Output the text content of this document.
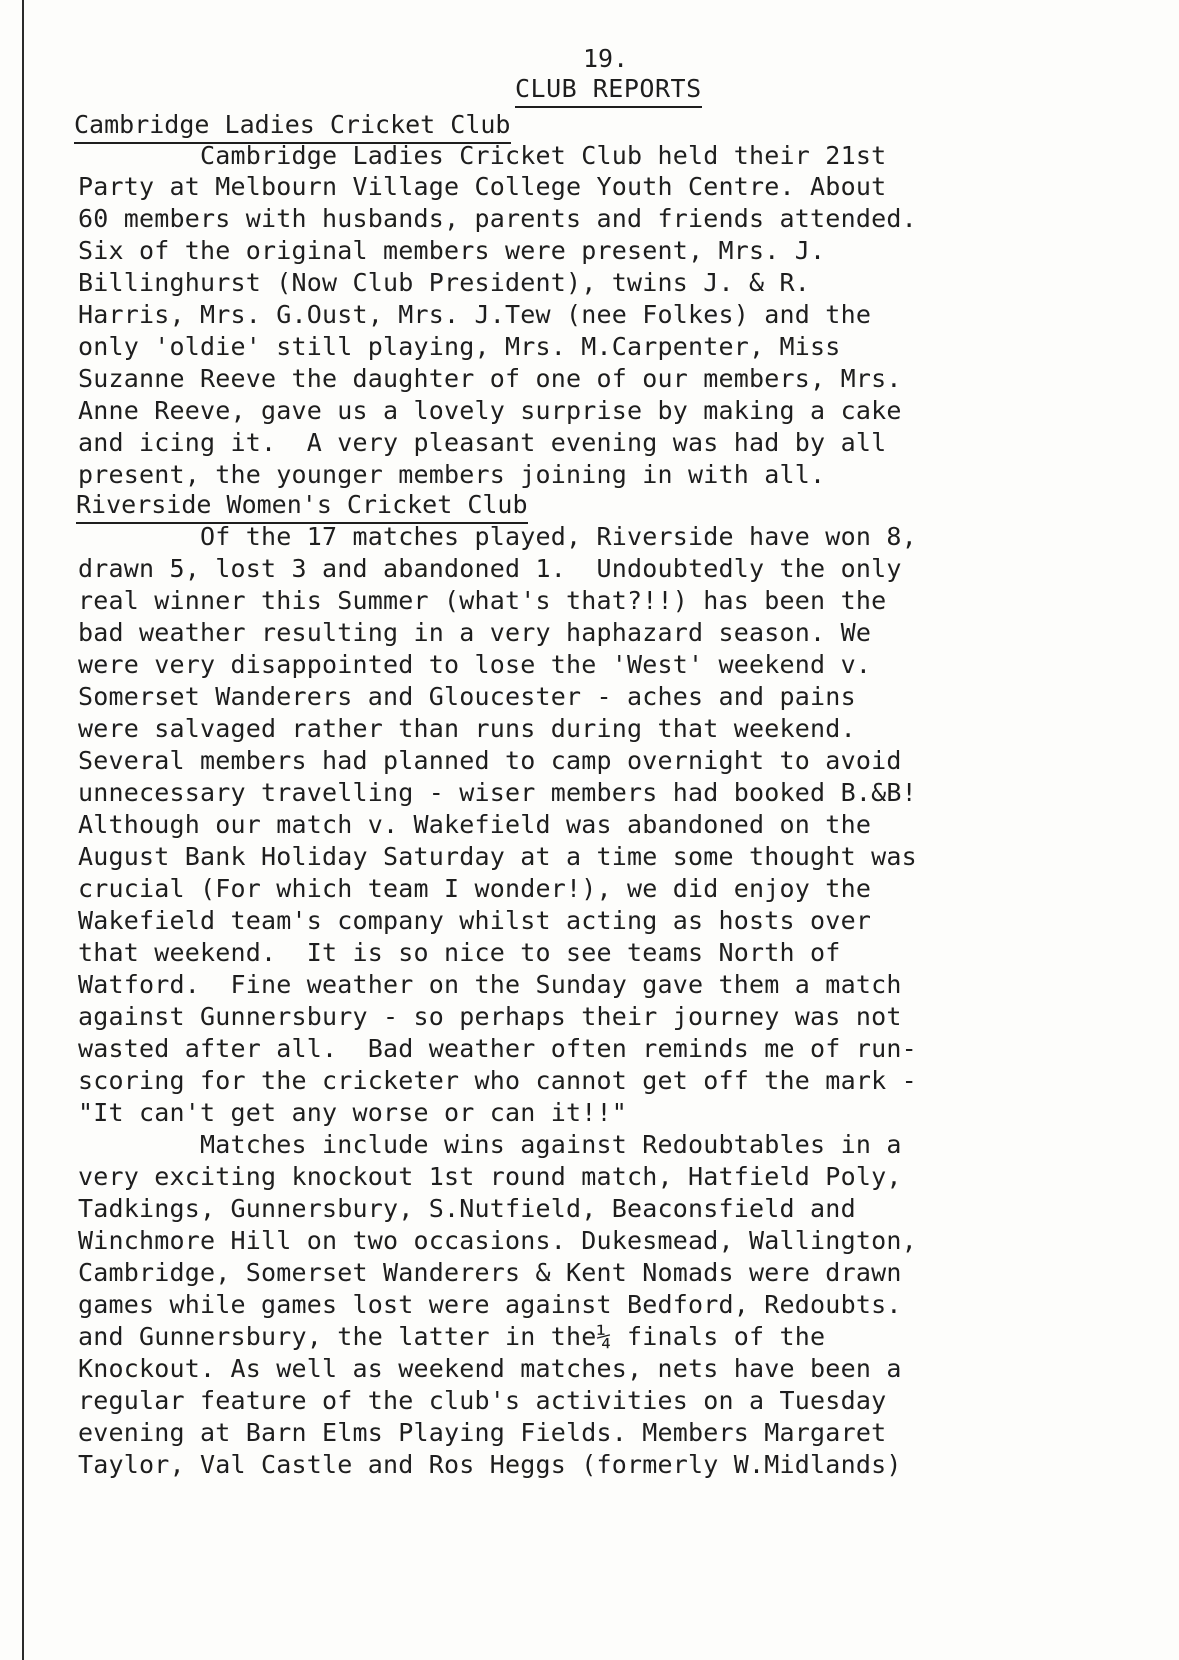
19.
CLUB REPORTS
Cambridge Ladies Cricket Club
Cambridge Ladies Cricket Club held their 21st
Party at Melbourn Village College Youth Centre. About
60 members with husbands, parents and friends attended.
Six of the original members were present, Mrs. J.
Billinghurst (Now Club President), twins J. & R.
Harris, Mrs. G.Oust, Mrs. J.Tew (nee Folkes) and the
only 'oldie' still playing, Mrs. M.Carpenter, Miss
Suzanne Reeve the daughter of one of our members, Mrs.
Anne Reeve, gave us a lovely surprise by making a cake
and icing it.  A very pleasant evening was had by all
present, the younger members joining in with all.
Riverside Women's Cricket Club
Of the 17 matches played, Riverside have won 8,
drawn 5, lost 3 and abandoned 1.  Undoubtedly the only
real winner this Summer (what's that?!!) has been the
bad weather resulting in a very haphazard season. We
were very disappointed to lose the 'West' weekend v.
Somerset Wanderers and Gloucester - aches and pains
were salvaged rather than runs during that weekend.
Several members had planned to camp overnight to avoid
unnecessary travelling - wiser members had booked B.&B!
Although our match v. Wakefield was abandoned on the
August Bank Holiday Saturday at a time some thought was
crucial (For which team I wonder!), we did enjoy the
Wakefield team's company whilst acting as hosts over
that weekend.  It is so nice to see teams North of
Watford.  Fine weather on the Sunday gave them a match
against Gunnersbury - so perhaps their journey was not
wasted after all.  Bad weather often reminds me of run-
scoring for the cricketer who cannot get off the mark -
"It can't get any worse or can it!!"
Matches include wins against Redoubtables in a
very exciting knockout 1st round match, Hatfield Poly,
Tadkings, Gunnersbury, S.Nutfield, Beaconsfield and
Winchmore Hill on two occasions. Dukesmead, Wallington,
Cambridge, Somerset Wanderers & Kent Nomads were drawn
games while games lost were against Bedford, Redoubts.
and Gunnersbury, the latter in the¼ finals of the
Knockout. As well as weekend matches, nets have been a
regular feature of the club's activities on a Tuesday
evening at Barn Elms Playing Fields. Members Margaret
Taylor, Val Castle and Ros Heggs (formerly W.Midlands)
